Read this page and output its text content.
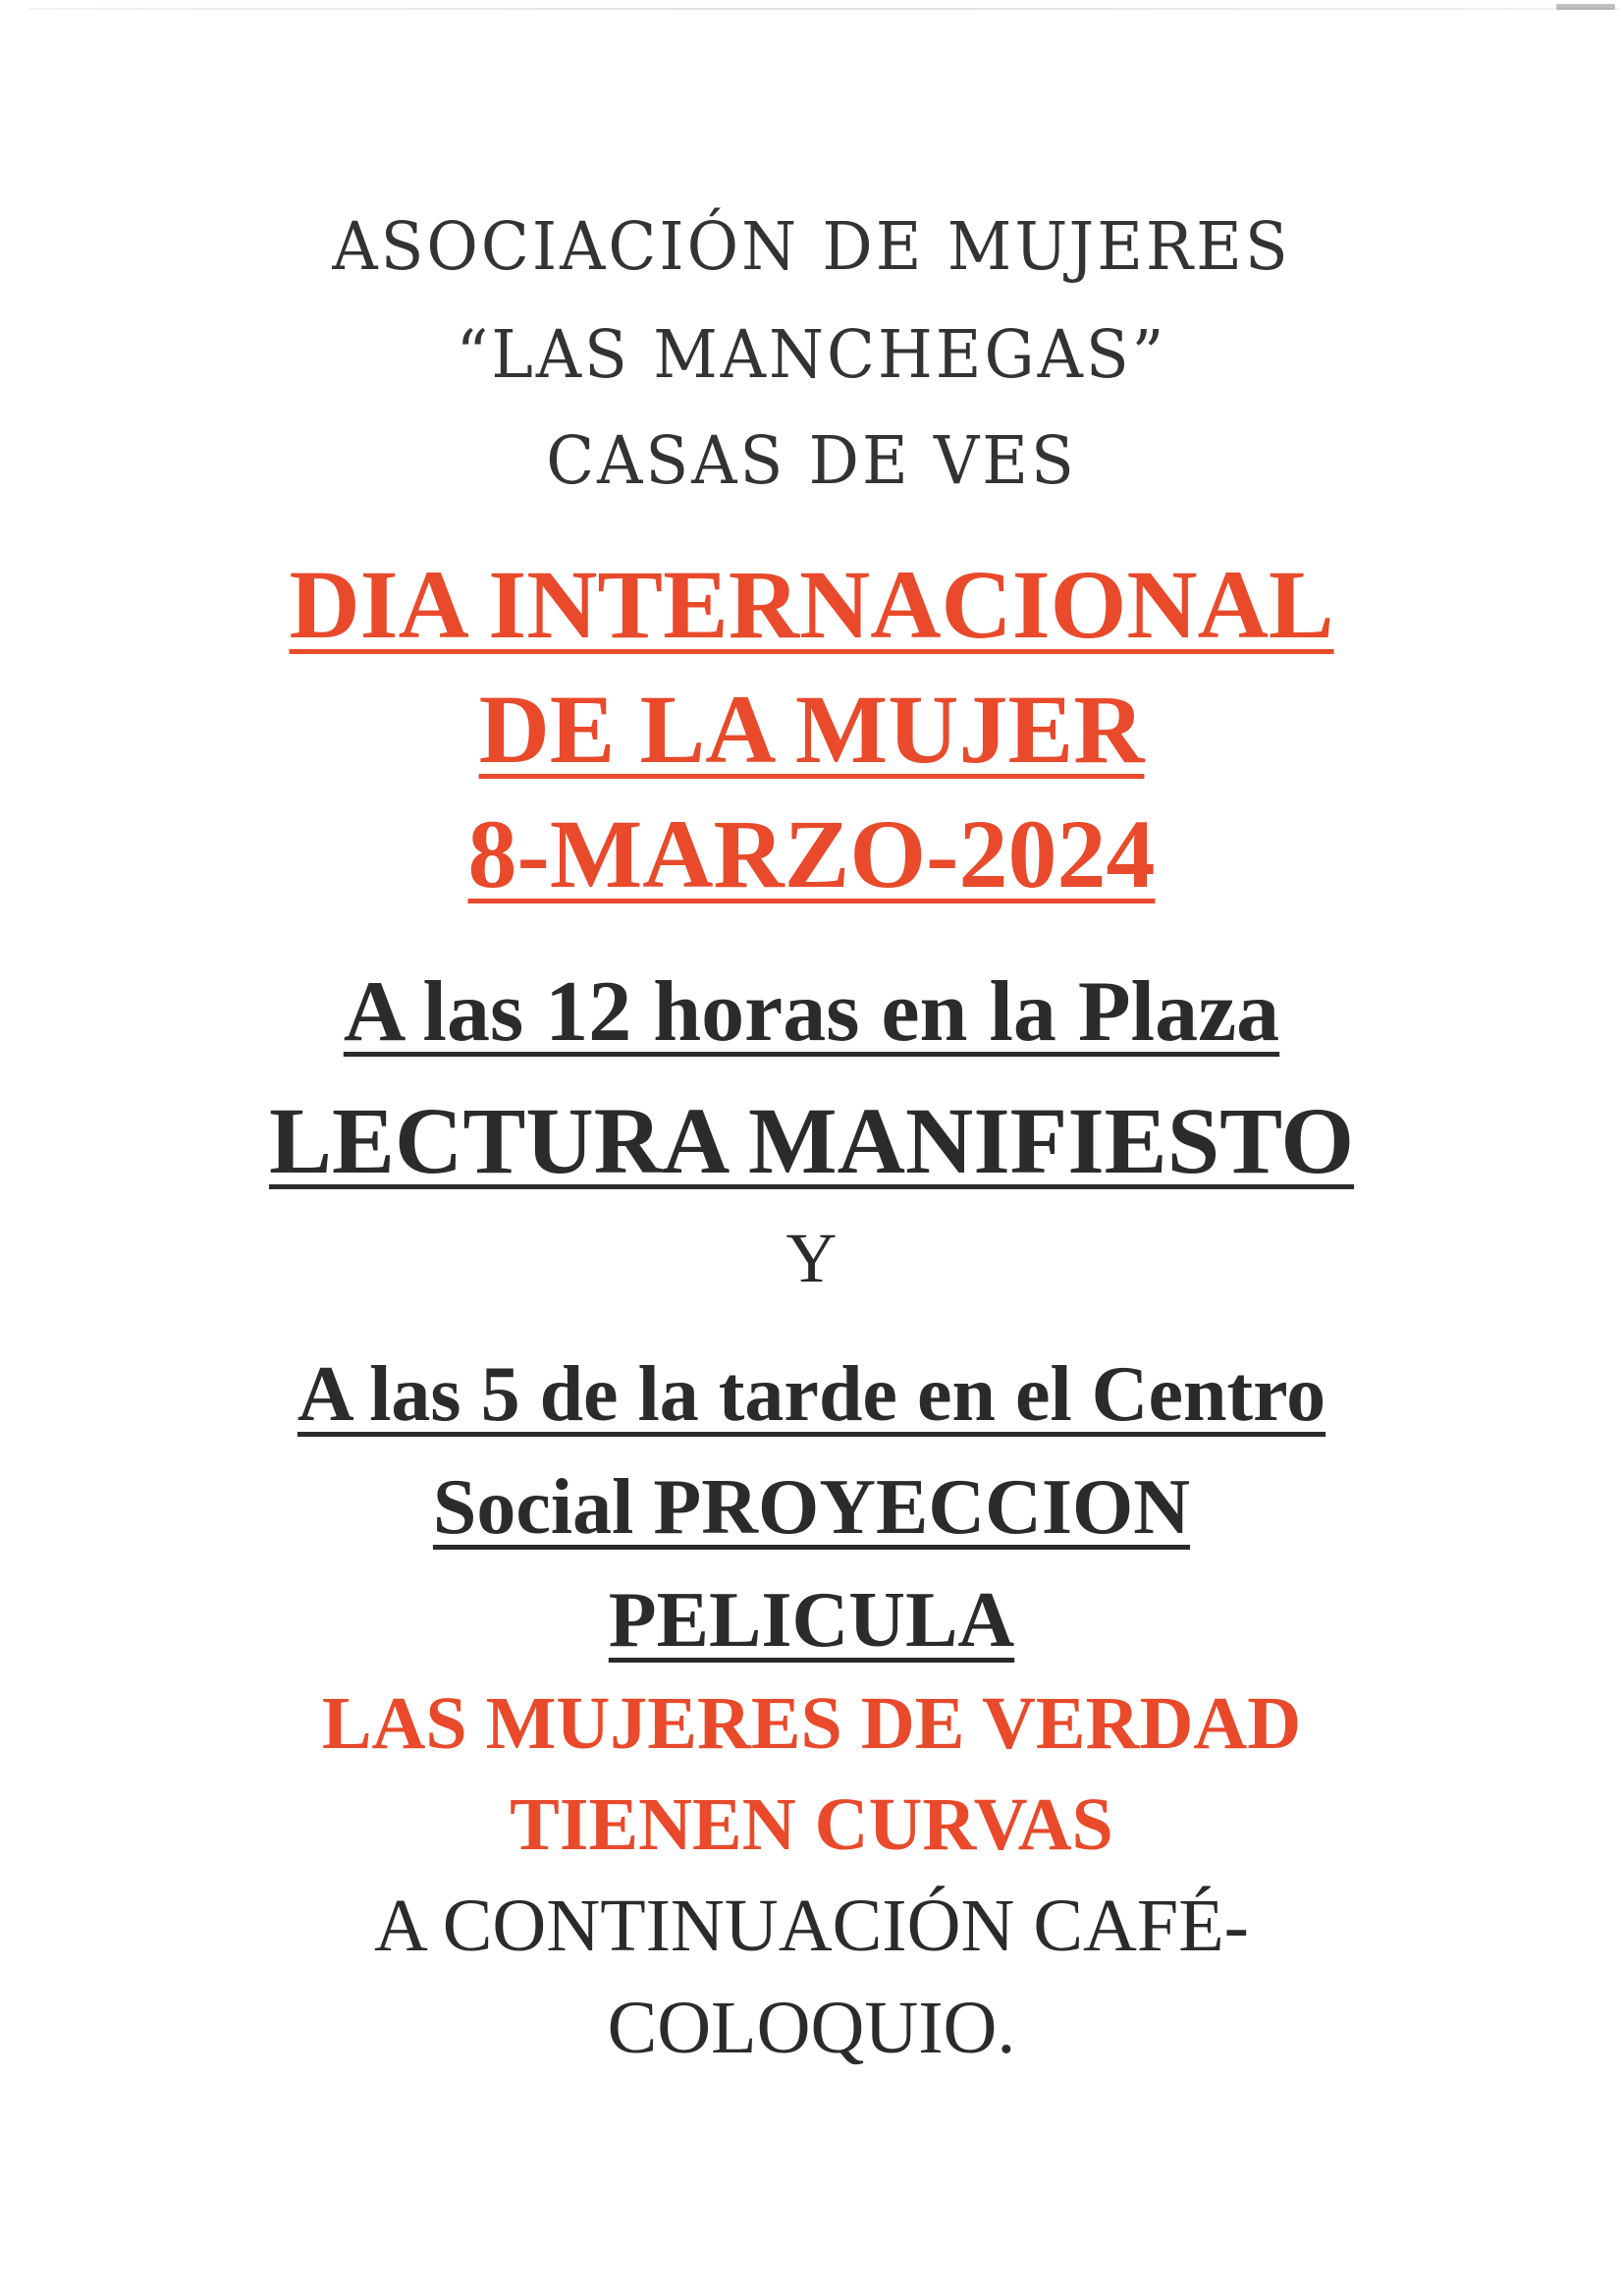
ASOCIACIÓN DE MUJERES
“LAS MANCHEGAS”
CASAS DE VES
DIA INTERNACIONAL
DE LA MUJER
8-MARZO-2024
A las 12 horas en la Plaza
LECTURA MANIFIESTO
Y
A las 5 de la tarde en el Centro
Social PROYECCION
PELICULA
LAS MUJERES DE VERDAD
TIENEN CURVAS
A CONTINUACIÓN CAFÉ-
COLOQUIO.
